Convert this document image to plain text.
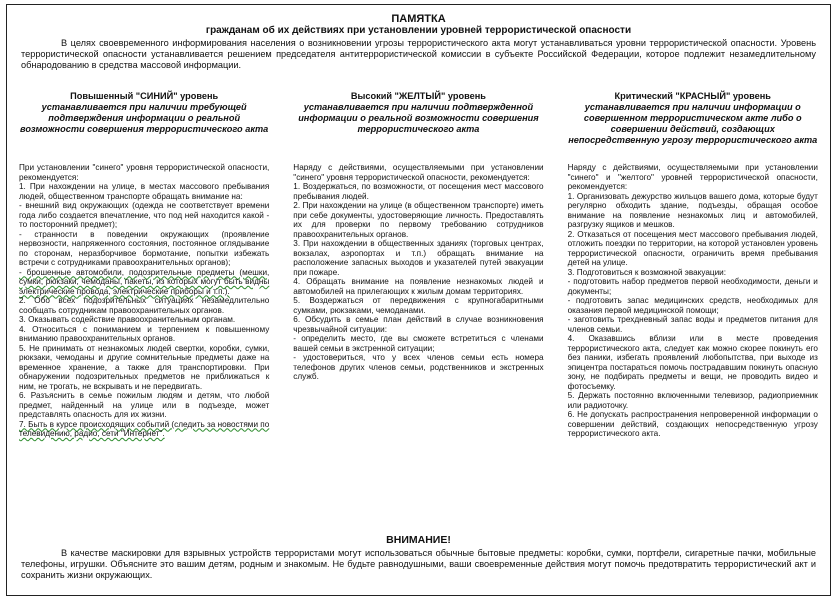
ПАМЯТКА
гражданам об их действиях при установлении уровней террористической опасности
В целях своевременного информирования населения о возникновении угрозы террористического акта могут устанавливаться уровни террористической опасности. Уровень террористической опасности устанавливается решением председателя антитеррористической комиссии в субъекте Российской Федерации, которое подлежит незамедлительному обнародованию в средства массовой информации.
Повышенный "СИНИЙ" уровень
устанавливается при наличии требующей подтверждения информации о реальной возможности совершения террористического акта
При установлении "синего" уровня террористической опасности, рекомендуется:
1. При нахождении на улице, в местах массового пребывания людей, общественном транспорте обращать внимание на:
- внешний вид окружающих (одежда не соответствует времени года либо создается впечатление, что под ней находится какой - то посторонний предмет);
- странности в поведении окружающих (проявление нервозности, напряженного состояния, постоянное оглядывание по сторонам, неразборчивое бормотание, попытки избежать встречи с сотрудниками правоохранительных органов);
- брошенные автомобили, подозрительные предметы (мешки, сумки, рюкзаки, чемоданы, пакеты, из которых могут быть видны электрические провода, электрические приборы и т.п.).
2. Обо всех подозрительных ситуациях незамедлительно сообщать сотрудникам правоохранительных органов.
3. Оказывать содействие правоохранительным органам.
4. Относиться с пониманием и терпением к повышенному вниманию правоохранительных органов.
5. Не принимать от незнакомых людей свертки, коробки, сумки, рюкзаки, чемоданы и другие сомнительные предметы даже на временное хранение, а также для транспортировки. При обнаружении подозрительных предметов не приближаться к ним, не трогать, не вскрывать и не передвигать.
6. Разъяснить в семье пожилым людям и детям, что любой предмет, найденный на улице или в подъезде, может представлять опасность для их жизни.
7. Быть в курсе происходящих событий (следить за новостями по телевидению, радио, сети "Интернет".
Высокий "ЖЕЛТЫЙ" уровень
устанавливается при наличии подтвержденной информации о реальной возможности совершения террористического акта
Наряду с действиями, осуществляемыми при установлении "синего" уровня террористической опасности, рекомендуется:
1. Воздержаться, по возможности, от посещения мест массового пребывания людей.
2. При нахождении на улице (в общественном транспорте) иметь при себе документы, удостоверяющие личность. Предоставлять их для проверки по первому требованию сотрудников правоохранительных органов.
3. При нахождении в общественных зданиях (торговых центрах, вокзалах, аэропортах и т.п.) обращать внимание на расположение запасных выходов и указателей путей эвакуации при пожаре.
4. Обращать внимание на появление незнакомых людей и автомобилей на прилегающих к жилым домам территориях.
5. Воздержаться от передвижения с крупногабаритными сумками, рюкзаками, чемоданами.
6. Обсудить в семье план действий в случае возникновения чрезвычайной ситуации:
- определить место, где вы сможете встретиться с членами вашей семьи в экстренной ситуации;
- удостовериться, что у всех членов семьи есть номера телефонов других членов семьи, родственников и экстренных служб.
Критический "КРАСНЫЙ" уровень
устанавливается при наличии информации о совершенном террористическом акте либо о совершении действий, создающих непосредственную угрозу террористического акта
Наряду с действиями, осуществляемыми при установлении "синего" и "желтого" уровней террористической опасности, рекомендуется:
1. Организовать дежурство жильцов вашего дома, которые будут регулярно обходить здание, подъезды, обращая особое внимание на появление незнакомых лиц и автомобилей, разгрузку ящиков и мешков.
2. Отказаться от посещения мест массового пребывания людей, отложить поездки по территории, на которой установлен уровень террористической опасности, ограничить время пребывания детей на улице.
3. Подготовиться к возможной эвакуации:
- подготовить набор предметов первой необходимости, деньги и документы;
- подготовить запас медицинских средств, необходимых для оказания первой медицинской помощи;
- заготовить трехдневный запас воды и предметов питания для членов семьи.
4. Оказавшись вблизи или в месте проведения террористического акта, следует как можно скорее покинуть его без паники, избегать проявлений любопытства, при выходе из эпицентра постараться помочь пострадавшим покинуть опасную зону, не подбирать предметы и вещи, не проводить видео и фотосъемку.
5. Держать постоянно включенными телевизор, радиоприемник или радиоточку.
6. Не допускать распространения непроверенной информации о совершении действий, создающих непосредственную угрозу террористического акта.
ВНИМАНИЕ!
В качестве маскировки для взрывных устройств террористами могут использоваться обычные бытовые предметы: коробки, сумки, портфели, сигаретные пачки, мобильные телефоны, игрушки. Объясните это вашим детям, родным и знакомым. Не будьте равнодушными, ваши своевременные действия могут помочь предотвратить террористический акт и сохранить жизни окружающих.
